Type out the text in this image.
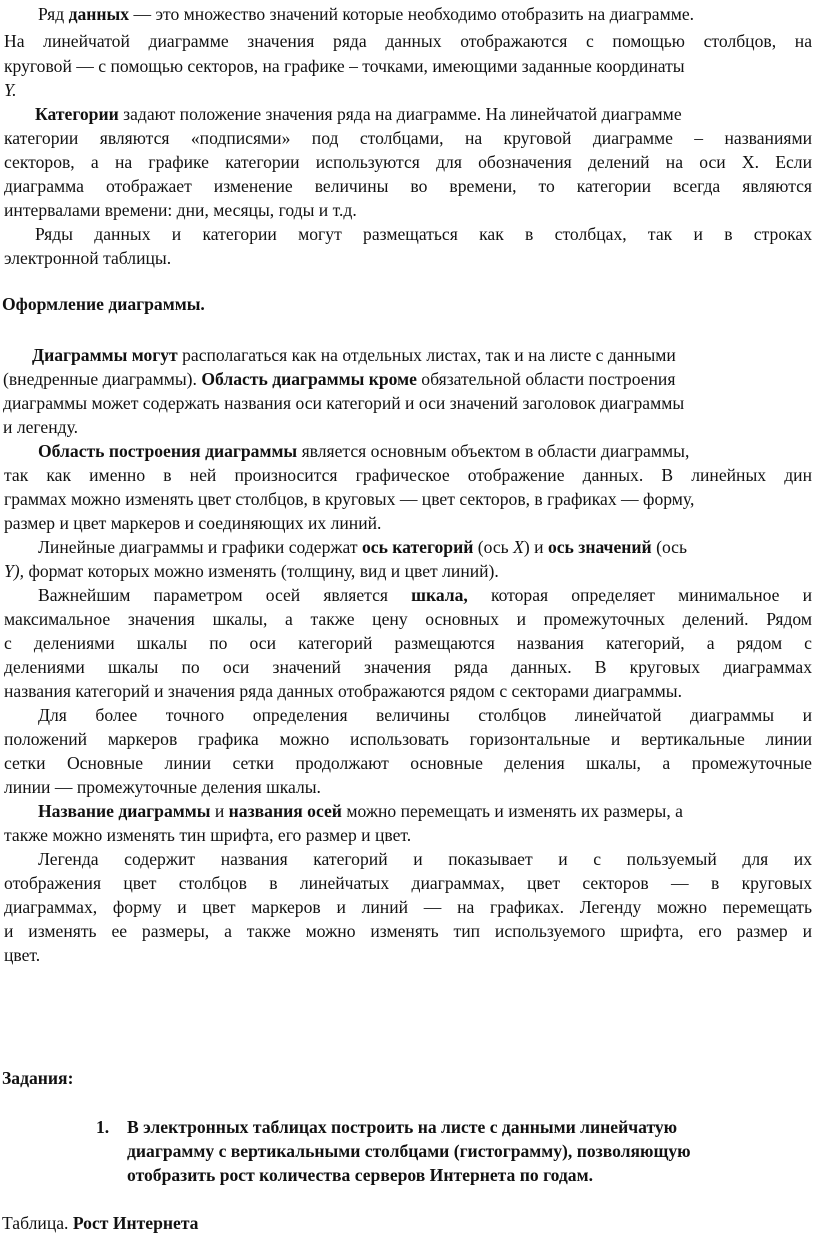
Ряд данных — это множество значений которые необходимо отобразить на диаграмме.
На линейчатой диаграмме значения ряда данных отображаются с помощью столбцов, на
круговой — с помощью секторов, на графике – точками, имеющими заданные координаты
Y.
Категории задают положение значения ряда на диаграмме. На линейчатой диаграмме
категории являются «подписями» под столбцами, на круговой диаграмме – названиями
секторов, а на графике категории используются для обозначения делений на оси X. Если
диаграмма отображает изменение величины во времени, то категории всегда являются
интервалами времени: дни, месяцы, годы и т.д.
Ряды данных и категории могут размещаться как в столбцах, так и в строках
электронной таблицы.
Оформление диаграммы.
Диаграммы могут располагаться как на отдельных листах, так и на листе с данными
(внедренные диаграммы). Область диаграммы кроме обязательной области построения
диаграммы может содержать названия оси категорий и оси значений заголовок диаграммы
и легенду.
Область построения диаграммы является основным объектом в области диаграммы,
так как именно в ней произносится графическое отображение данных. В линейных дин
граммах можно изменять цвет столбцов, в круговых — цвет секторов, в графиках — форму,
размер и цвет маркеров и соединяющих их линий.
Линейные диаграммы и графики содержат ось категорий (ось X) и ось значений (ось
Y), формат которых можно изменять (толщину, вид и цвет линий).
Важнейшим параметром осей является шкала, которая определяет минимальное и
максимальное значения шкалы, а также цену основных и промежуточных делений. Рядом
с делениями шкалы по оси категорий размещаются названия категорий, а рядом с
делениями шкалы по оси значений значения ряда данных. В круговых диаграммах
названия категорий и значения ряда данных отображаются рядом с секторами диаграммы.
Для более точного определения величины столбцов линейчатой диаграммы и
положений маркеров графика можно использовать горизонтальные и вертикальные линии
сетки Основные линии сетки продолжают основные деления шкалы, а промежуточные
линии — промежуточные деления шкалы.
Название диаграммы и названия осей можно перемещать и изменять их размеры, а
также можно изменять тин шрифта, его размер и цвет.
Легенда содержит названия категорий и показывает и с пользуемый для их
отображения цвет столбцов в линейчатых диаграммах, цвет секторов — в круговых
диаграммах, форму и цвет маркеров и линий — на графиках. Легенду можно перемещать
и изменять ее размеры, а также можно изменять тип используемого шрифта, его размер и
цвет.
Задания:
1. В электронных таблицах построить на листе с данными линейчатую
диаграмму с вертикальными столбцами (гистограмму), позволяющую
отобразить рост количества серверов Интернета по годам.
Таблица. Рост Интернета
